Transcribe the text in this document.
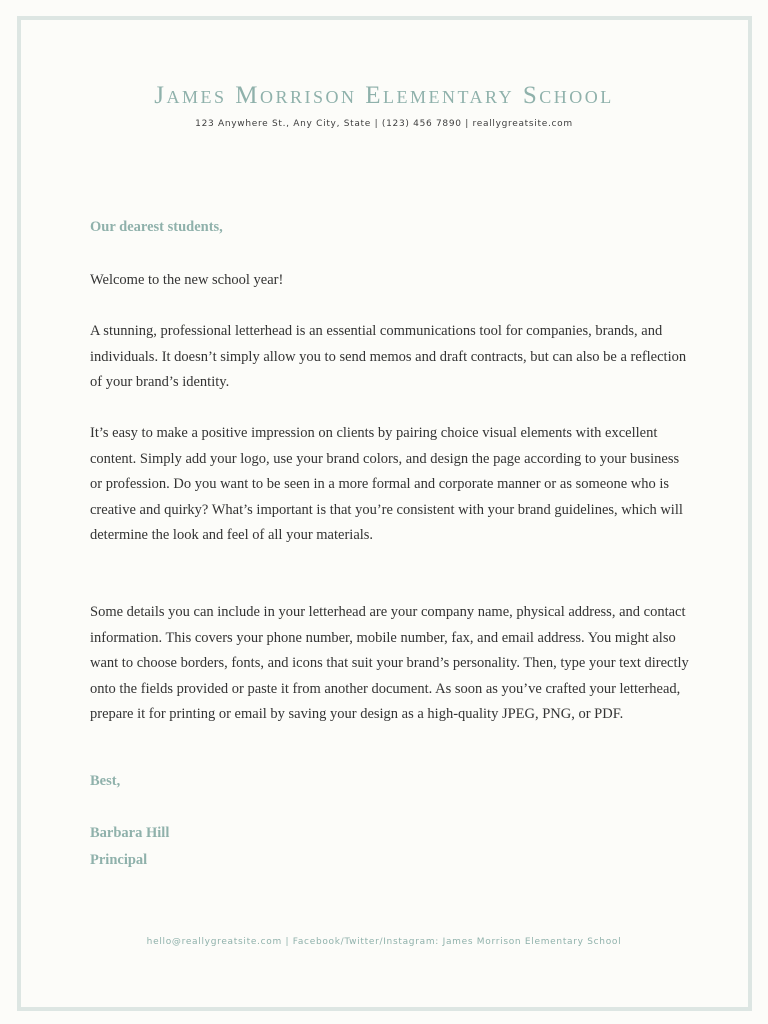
James Morrison Elementary School
123 Anywhere St., Any City, State | (123) 456 7890 | reallygreatsite.com
Our dearest students,

Welcome to the new school year!

A stunning, professional letterhead is an essential communications tool for companies, brands, and individuals. It doesn’t simply allow you to send memos and draft contracts, but can also be a reflection of your brand’s identity.

It’s easy to make a positive impression on clients by pairing choice visual elements with excellent content. Simply add your logo, use your brand colors, and design the page according to your business or profession. Do you want to be seen in a more formal and corporate manner or as someone who is creative and quirky? What’s important is that you’re consistent with your brand guidelines, which will determine the look and feel of all your materials.

Some details you can include in your letterhead are your company name, physical address, and contact information. This covers your phone number, mobile number, fax, and email address. You might also want to choose borders, fonts, and icons that suit your brand’s personality. Then, type your text directly onto the fields provided or paste it from another document. As soon as you’ve crafted your letterhead, prepare it for printing or email by saving your design as a high-quality JPEG, PNG, or PDF.

Best,
Barbara Hill
Principal
hello@reallygreatsite.com | Facebook/Twitter/Instagram: James Morrison Elementary School
